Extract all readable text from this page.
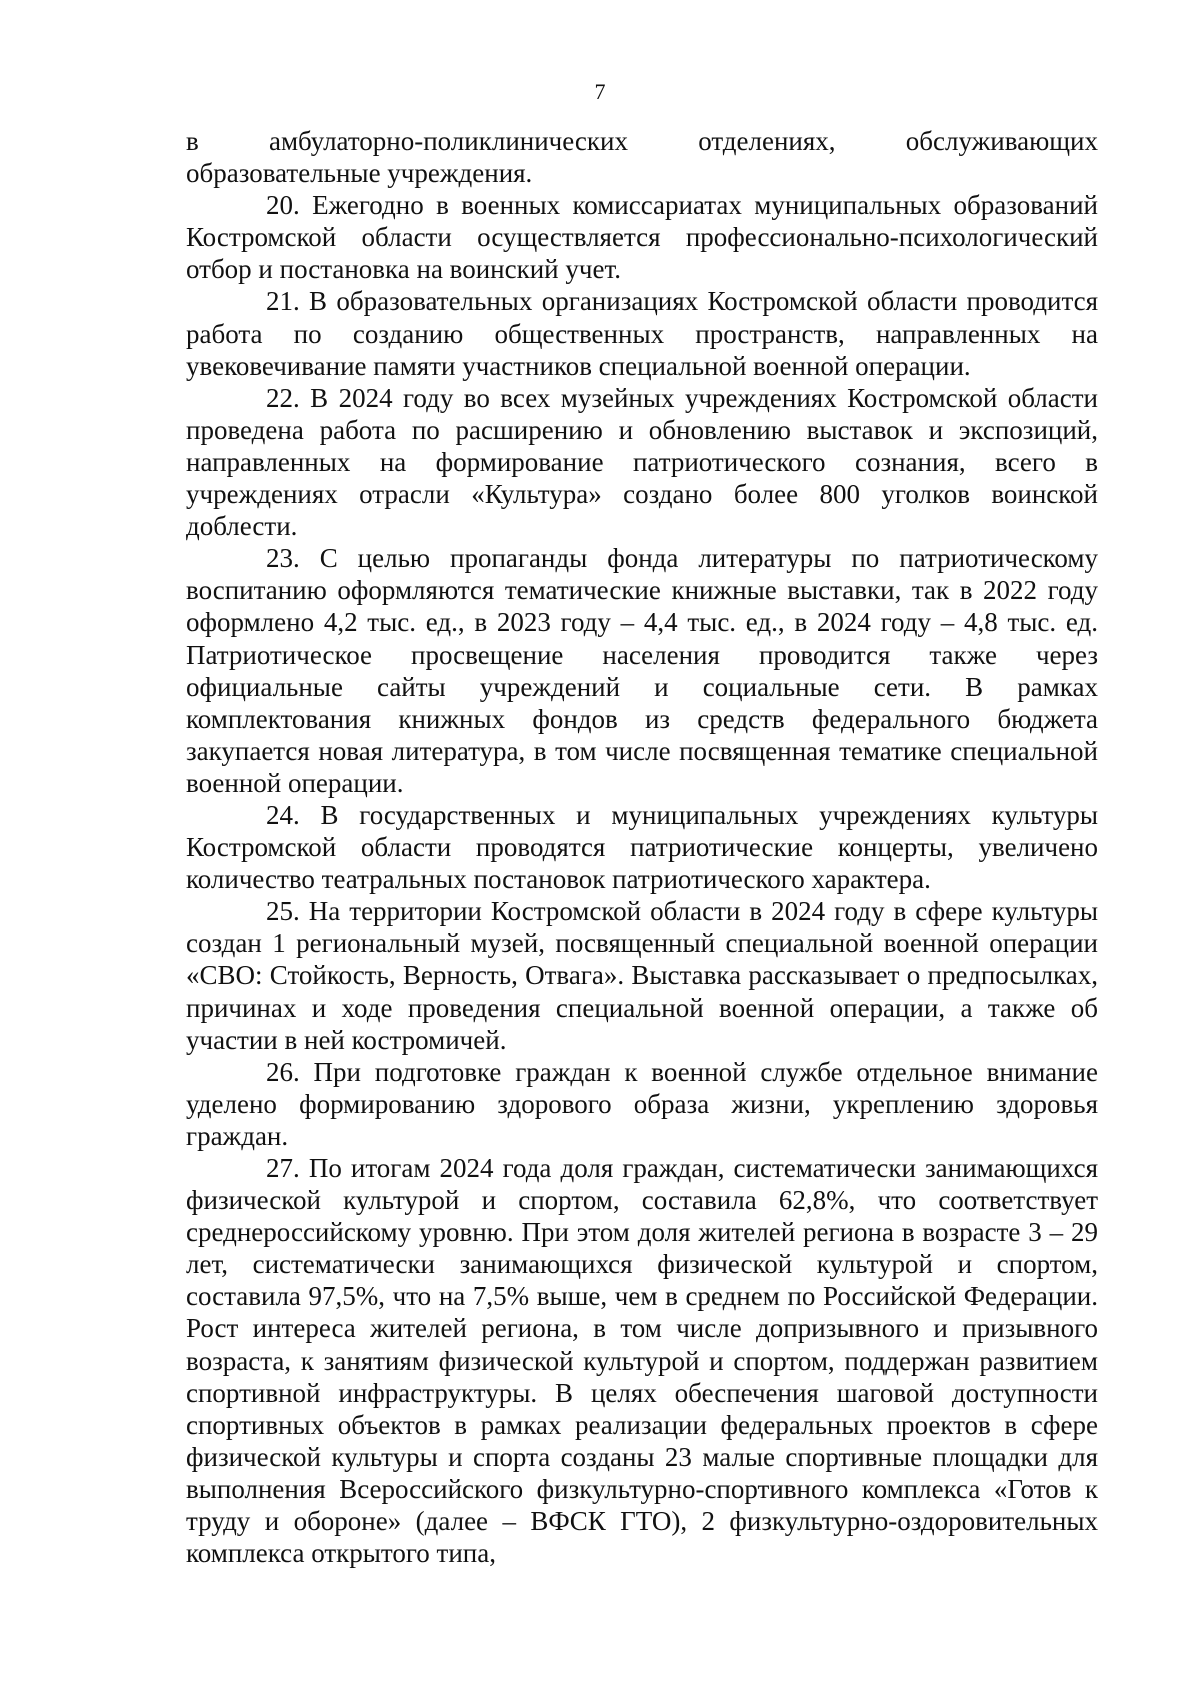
7

в амбулаторно-поликлинических отделениях, обслуживающих образовательные учреждения.

20. Ежегодно в военных комиссариатах муниципальных образований Костромской области осуществляется профессионально-психологический отбор и постановка на воинский учет.

21. В образовательных организациях Костромской области проводится работа по созданию общественных пространств, направленных на увековечивание памяти участников специальной военной операции.

22. В 2024 году во всех музейных учреждениях Костромской области проведена работа по расширению и обновлению выставок и экспозиций, направленных на формирование патриотического сознания, всего в учреждениях отрасли «Культура» создано более 800 уголков воинской доблести.

23. С целью пропаганды фонда литературы по патриотическому воспитанию оформляются тематические книжные выставки, так в 2022 году оформлено 4,2 тыс. ед., в 2023 году – 4,4 тыс. ед., в 2024 году – 4,8 тыс. ед. Патриотическое просвещение населения проводится также через официальные сайты учреждений и социальные сети. В рамках комплектования книжных фондов из средств федерального бюджета закупается новая литература, в том числе посвященная тематике специальной военной операции.

24. В государственных и муниципальных учреждениях культуры Костромской области проводятся патриотические концерты, увеличено количество театральных постановок патриотического характера.

25. На территории Костромской области в 2024 году в сфере культуры создан 1 региональный музей, посвященный специальной военной операции «СВО: Стойкость, Верность, Отвага». Выставка рассказывает о предпосылках, причинах и ходе проведения специальной военной операции, а также об участии в ней костромичей.

26. При подготовке граждан к военной службе отдельное внимание уделено формированию здорового образа жизни, укреплению здоровья граждан.

27. По итогам 2024 года доля граждан, систематически занимающихся физической культурой и спортом, составила 62,8%, что соответствует среднероссийскому уровню. При этом доля жителей региона в возрасте 3 – 29 лет, систематически занимающихся физической культурой и спортом, составила 97,5%, что на 7,5% выше, чем в среднем по Российской Федерации. Рост интереса жителей региона, в том числе допризывного и призывного возраста, к занятиям физической культурой и спортом, поддержан развитием спортивной инфраструктуры. В целях обеспечения шаговой доступности спортивных объектов в рамках реализации федеральных проектов в сфере физической культуры и спорта созданы 23 малые спортивные площадки для выполнения Всероссийского физкультурно-спортивного комплекса «Готов к труду и обороне» (далее – ВФСК ГТО), 2 физкультурно-оздоровительных комплекса открытого типа,
